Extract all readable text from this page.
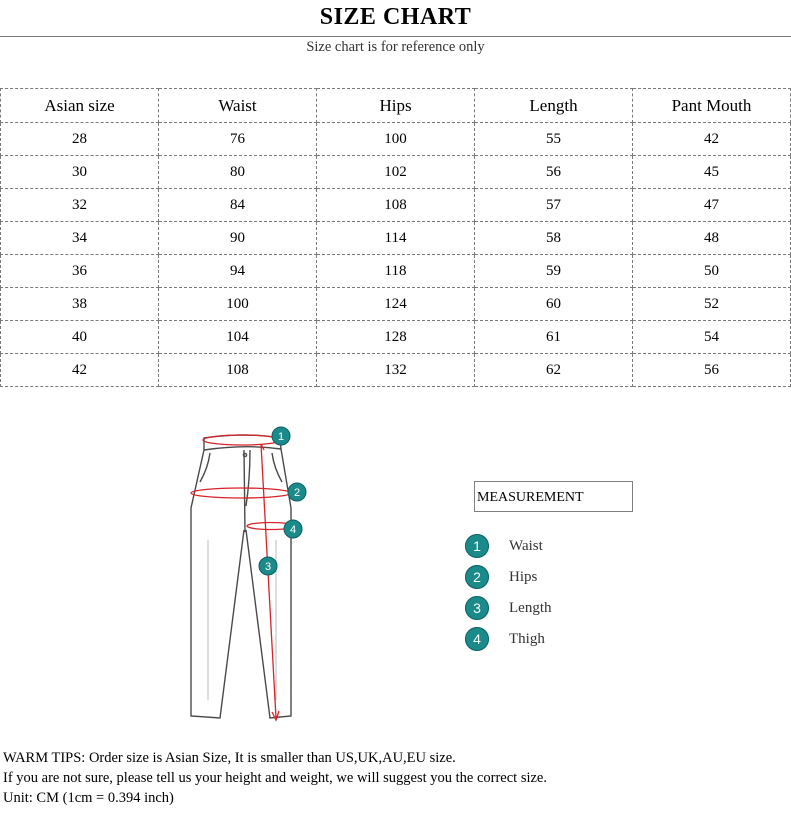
SIZE CHART
Size chart is for reference only
Asian size	Waist	Hips	Length	Pant Mouth
28	76	100	55	42
30	80	102	56	45
32	84	108	57	47
34	90	114	58	48
36	94	118	59	50
38	100	124	60	52
40	104	128	61	54
42	108	132	62	56
1
2
3
4
MEASUREMENT
1	Waist
2	Hips
3	Length
4	Thigh
WARM TIPS: Order size is Asian Size, It is smaller than US,UK,AU,EU size.
If you are not sure, please tell us your height and weight, we will suggest you the correct size.
Unit: CM (1cm = 0.394 inch)
